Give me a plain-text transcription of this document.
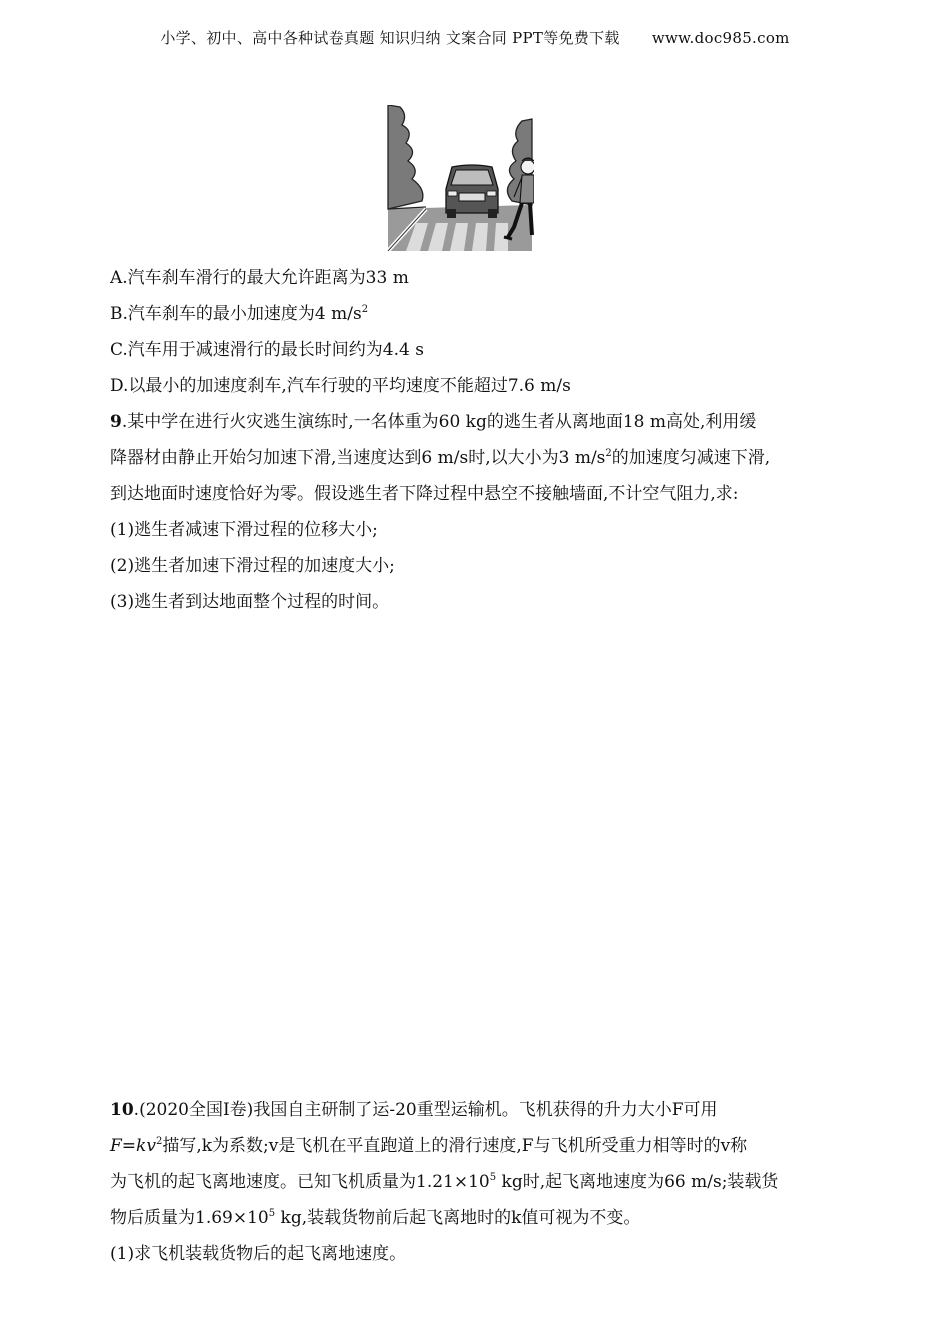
小学、初中、高中各种试卷真题 知识归纳 文案合同 PPT等免费下载 www.doc985.com
A.汽车刹车滑行的最大允许距离为33 m
B.汽车刹车的最小加速度为4 $m/s^2$
C.汽车用于减速滑行的最长时间约为4.4 s
D.以最小的加速度刹车,汽车行驶的平均速度不能超过7.6 m/s
9.某中学在进行火灾逃生演练时,一名体重为60 kg的逃生者从离地面18 m高处,利用缓
降器材由静止开始匀加速下滑,当速度达到6 m/s时,以大小为3 $m/s^2$的加速度匀减速下滑,
到达地面时速度恰好为零。假设逃生者下降过程中悬空不接触墙面,不计空气阻力,求:
(1)逃生者减速下滑过程的位移大小;
(2)逃生者加速下滑过程的加速度大小;
(3)逃生者到达地面整个过程的时间。
10.(2020全国Ⅰ卷)我国自主研制了运-20重型运输机。飞机获得的升力大小F可用
$F=kv^2$描写,k为系数;v是飞机在平直跑道上的滑行速度,F与飞机所受重力相等时的v称
为飞机的起飞离地速度。已知飞机质量为$1.21\times 10^5$ kg时,起飞离地速度为66 m/s;装载货
物后质量为$1.69\times 10^5$ kg,装载货物前后起飞离地时的k值可视为不变。
(1)求飞机装载货物后的起飞离地速度。
